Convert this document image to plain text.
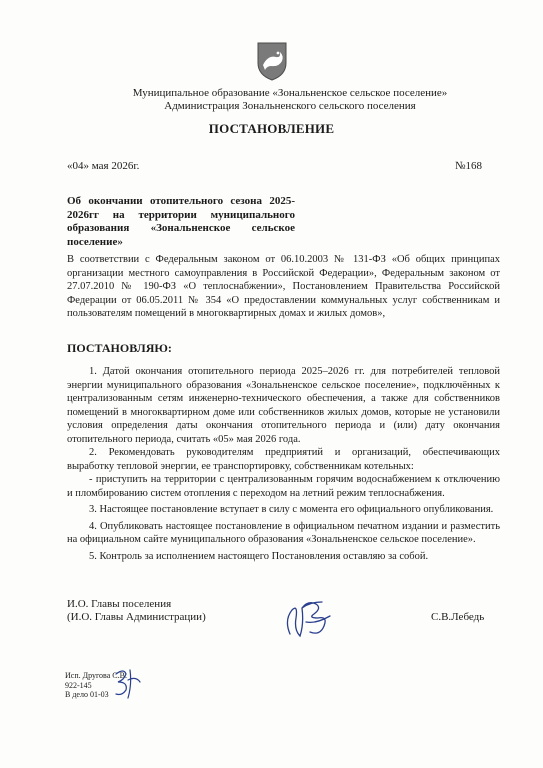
Муниципальное образование «Зональненское сельское поселение»
Администрация Зональненского сельского поселения
ПОСТАНОВЛЕНИЕ
«04» мая 2026г.	№168
Об окончании отопительного сезона 2025-2026гг на территории муниципального образования «Зональненское сельское поселение»
В соответствии с Федеральным законом от 06.10.2003 № 131-ФЗ «Об общих принципах
организации местного самоуправления в Российской Федерации», Федеральным законом от
27.07.2010 № 190-ФЗ «О теплоснабжении», Постановлением Правительства Российской
Федерации от 06.05.2011 № 354 «О предоставлении коммунальных услуг собственникам и
пользователям помещений в многоквартирных домах и жилых домов»,
ПОСТАНОВЛЯЮ:
1. Датой окончания отопительного периода 2025–2026 гг. для потребителей тепловой
энергии муниципального образования «Зональненское сельское поселение», подключённых к
централизованным сетям инженерно-технического обеспечения, а также для собственников
помещений в многоквартирном доме или собственников жилых домов, которые не установили
условия определения даты окончания отопительного периода и (или) дату окончания
отопительного периода, считать «05» мая 2026 года.
2. Рекомендовать руководителям предприятий и организаций, обеспечивающих
выработку тепловой энергии, ее транспортировку, собственникам котельных:
- приступить на территории с централизованным горячим водоснабжением к отключению
и пломбированию систем отопления с переходом на летний режим теплоснабжения.
3. Настоящее постановление вступает в силу с момента его официального опубликования.
4. Опубликовать настоящее постановление в официальном печатном издании и разместить
на официальном сайте муниципального образования «Зональненское сельское поселение».
5. Контроль за исполнением настоящего Постановления оставляю за собой.
И.О. Главы поселения
(И.О. Главы Администрации)	С.В.Лебедь
Исп. Другова С.В.
922-145
В дело 01-03
